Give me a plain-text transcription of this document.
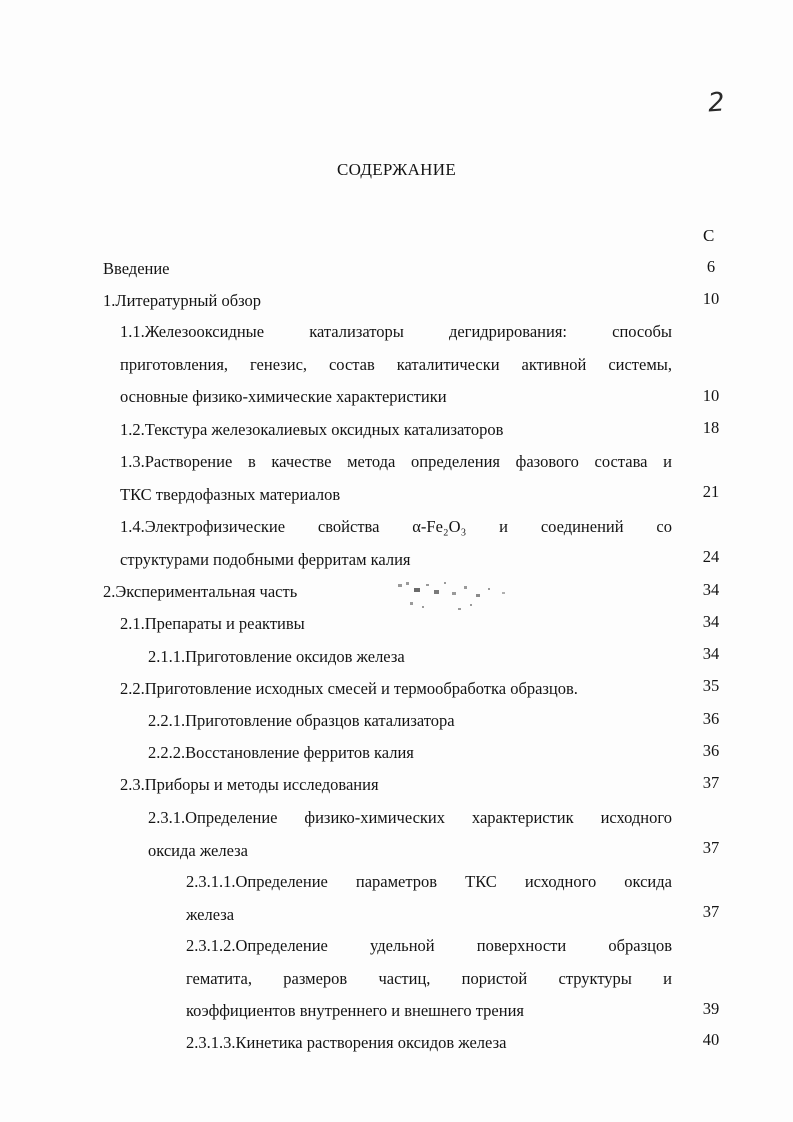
2
СОДЕРЖАНИЕ
С
Введение	6
1.Литературный обзор	10
1.1.Железооксидные катализаторы дегидрирования: способы
приготовления, генезис, состав каталитически активной системы,
основные физико-химические характеристики	10
1.2.Текстура железокалиевых оксидных катализаторов	18
1.3.Растворение в качестве метода определения фазового состава и
ТКС твердофазных материалов	21
1.4.Электрофизические свойства α-Fe₂O₃ и соединений со
структурами подобными ферритам калия	24
2.Экспериментальная часть	34
2.1.Препараты и реактивы	34
2.1.1.Приготовление оксидов железа	34
2.2.Приготовление исходных смесей и термообработка образцов.	35
2.2.1.Приготовление образцов катализатора	36
2.2.2.Восстановление ферритов калия	36
2.3.Приборы и методы исследования	37
2.3.1.Определение физико-химических характеристик исходного
оксида железа	37
2.3.1.1.Определение параметров ТКС исходного оксида
железа	37
2.3.1.2.Определение удельной поверхности образцов
гематита, размеров частиц, пористой структуры и
коэффициентов внутреннего и внешнего трения	39
2.3.1.3.Кинетика растворения оксидов железа	40
